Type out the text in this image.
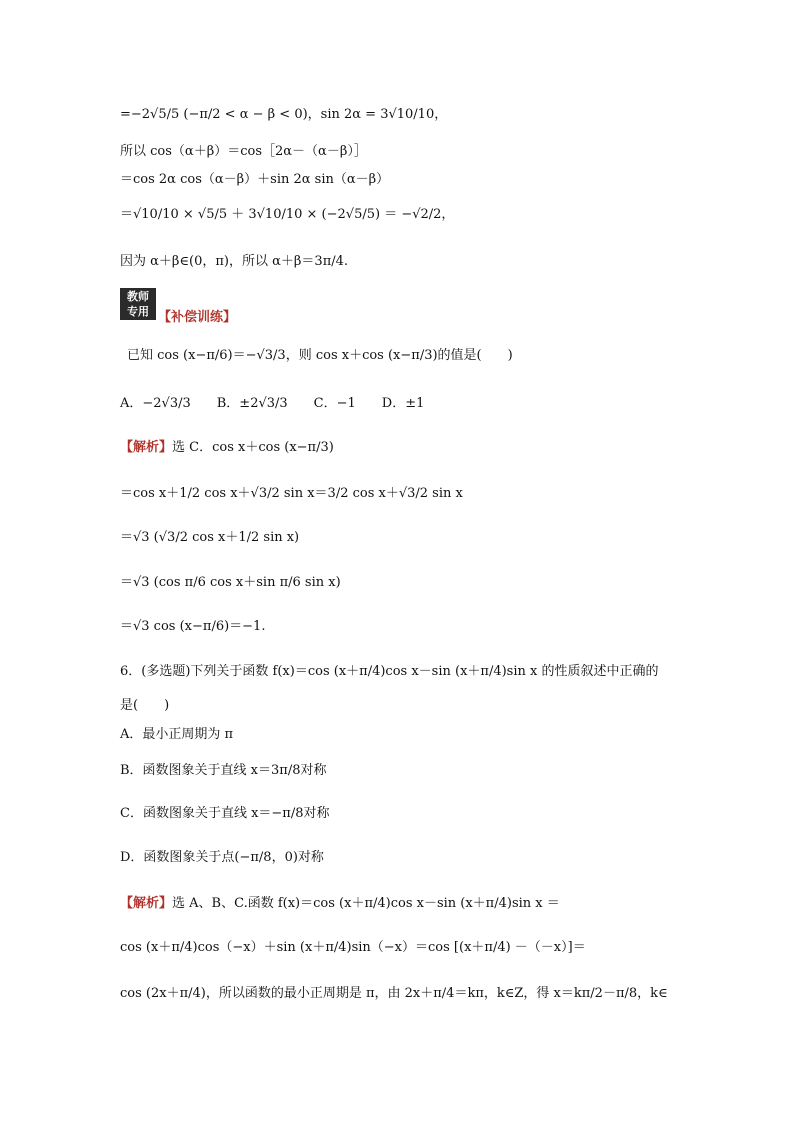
=−2√5/5 (−π/2 < α − β < 0)，sin 2α = 3√10/10，
所以 cos（α＋β）＝cos［2α－（α－β）］
＝cos 2α cos（α－β）＋sin 2α sin（α－β）
＝√10/10 × √5/5 ＋ 3√10/10 × (−2√5/5) ＝ −√2/2，
因为 α＋β∈(0，π)，所以 α＋β＝3π/4.
教师
专用 【补偿训练】
已知 cos (x−π/6)＝−√3/3，则 cos x＋cos (x−π/3)的值是(　　)
A．−2√3/3　　B．±2√3/3　　C．−1　　D．±1
【解析】选 C．cos x＋cos (x−π/3)
＝cos x＋1/2 cos x＋√3/2 sin x＝3/2 cos x＋√3/2 sin x
＝√3 (√3/2 cos x＋1/2 sin x)
＝√3 (cos π/6 cos x＋sin π/6 sin x)
＝√3 cos (x−π/6)＝−1.
6．(多选题)下列关于函数 f(x)＝cos (x＋π/4)cos x－sin (x＋π/4)sin x 的性质叙述中正确的
是(　　)
A．最小正周期为 π
B．函数图象关于直线 x＝3π/8对称
C．函数图象关于直线 x＝−π/8对称
D．函数图象关于点(−π/8，0)对称
【解析】选 A、B、C.函数 f(x)＝cos (x＋π/4)cos x－sin (x＋π/4)sin x ＝
cos (x＋π/4)cos（−x）＋sin (x＋π/4)sin（−x）＝cos [(x＋π/4) －（－x）]＝
cos (2x＋π/4)，所以函数的最小正周期是 π，由 2x＋π/4＝kπ，k∈Z，得 x＝kπ/2－π/8，k∈
